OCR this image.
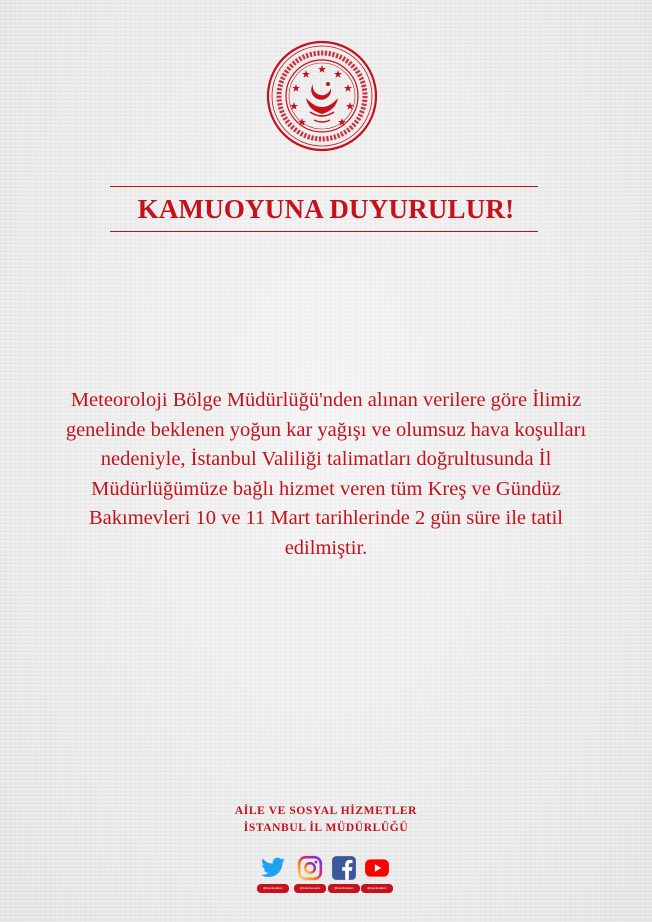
KAMUOYUNA DUYURULUR!
Meteoroloji Bölge Müdürlüğü'nden alınan verilere göre İlimiz
genelinde beklenen yoğun kar yağışı ve olumsuz hava koşulları
nedeniyle, İstanbul Valiliği talimatları doğrultusunda İl
Müdürlüğümüze bağlı hizmet veren tüm Kreş ve Gündüz
Bakımevleri 10 ve 11 Mart tarihlerinde 2 gün süre ile tatil
edilmiştir.
AİLE VE SOSYAL HİZMETLER
İSTANBUL İL MÜDÜRLÜĞÜ
@istanbulasim	@istanbul.asim	@istanbulasim	@istanbulasim
